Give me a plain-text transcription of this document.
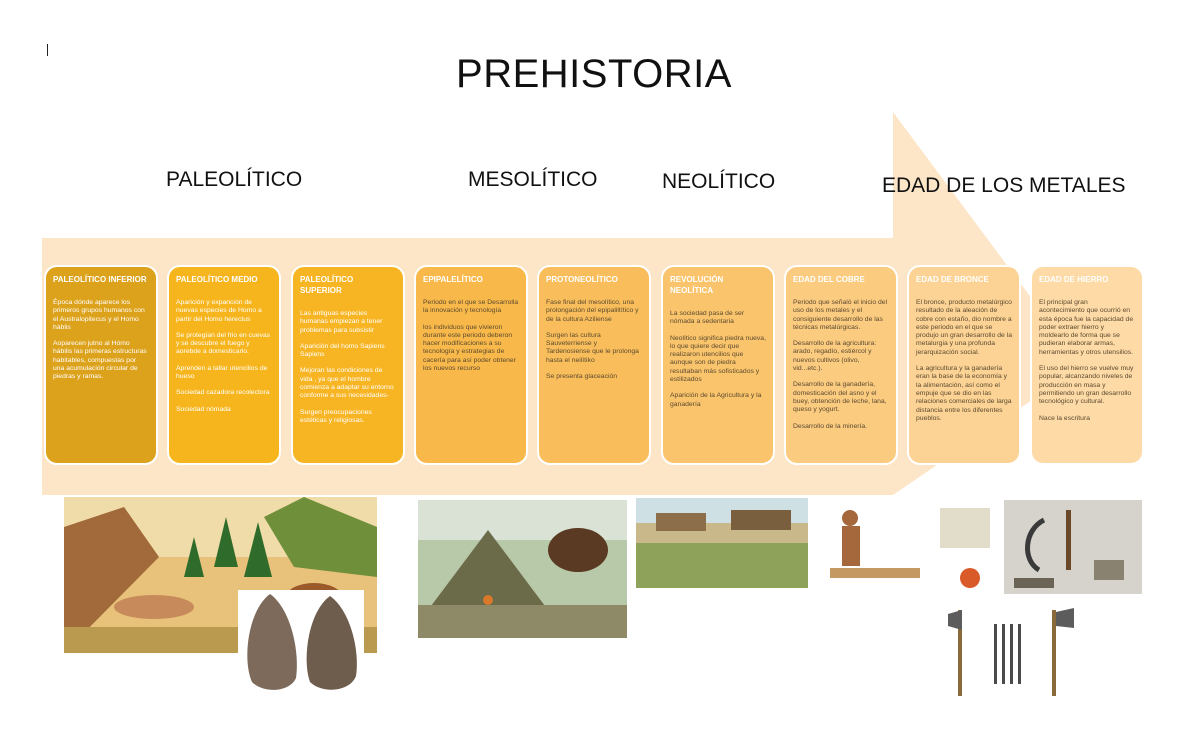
PREHISTORIA
PALEOLÍTICO	MESOLÍTICO	NEOLÍTICO	EDAD DE LOS METALES
PALEOLÍTICO INFERIOR
Época dónde aparece los primeros grupos humanos con el Australopitecus y el Homo háblis
Aoparecen jutno al Hómo hábilis las primeras estructuras habitables, compuestas por una acumulación circular de piedras y ramas.
PALEOLÍTICO MEDIO
Aparición y expanción de nuevas especies de Homo a partir del Homo herectus
Se protegían del frio en cuevas y se descubre el fuego y aorebde a domesticarlo.
Aprenden a tallar utencilios de hueso
Sociedad cazadora recolectora
Sociedad nómada
PALEOLÍTICO SUPERIOR
Las antiguas especies humanas empiezan a tener problemas para subsistir
Aparición del homo Sapiens Sapiens
Mejoran las condiciones de vida , ya que el hombre comienza a adaptar su entorno conforme a sus necesidades-
Surgen preocupaciones estéticas y religiosas.
EPIPALELÍTICO
Periodo en el que se Desarrolla la innovación y tecnología
los individuos que vivieron durante este periodo deberon hacer modificaciones a su tecnología y estrategias de cacería para así poder obtener los nuevos recurso
PROTONEOLÍTICO
Fase final del mesolítico, una prolongación del epipaliltítico y de la cultura Aziliense
Surgen las cultura Sauveterriense y Tardenosiense que le prolonga hasta el neilítiko
Se presenta glaceación
REVOLUCIÓN NEOLÍTICA
La sociedad pasa de ser nómada a sedentaria
Neolítico significa piedra nueva, lo que quiere decir que realizaron utencilios que aunque son de piedra resultaban más sofisticados y estilizados
Aparición de la Agricultura y la ganadería
EDAD DEL COBRE
Periodo que señaló el inicio del uso de los metales y el consiguiente desarrollo de las técnicas metalúrgicas.
Desarrollo de la agricultura: arado, regadío, estiércol y nuevos cultivos (olivo, vid...etc.).
Desarrollo de la ganadería, domesticación del asno y el buey, obtención de leche, lana, queso y yogurt.
Desarrollo de la minería.
EDAD DE BRONCE
El bronce, producto metalúrgico resultado de la aleación de cobre con estaño, dio nombre a este periodo en el que se produjo un gran desarrollo de la metalurgia y una profunda jerarquización social.
La agricultura y la ganadería eran la base de la economía y la alimentación, así como el empuje que se dio en las relaciones comerciales de larga distancia entre los diferentes pueblos.
EDAD DE HIERRO
El principal gran acontecimiento que ocurrió en esta época fue la capacidad de poder extraer hierro y moldearlo de forma que se pudieran elaborar armas, herramientas y otros utensilios.
El uso del hierro se vuelve muy popular, alcanzando niveles de producción en masa y permitiendo un gran desarrollo tecnológico y cultural.
Nace la escritura
